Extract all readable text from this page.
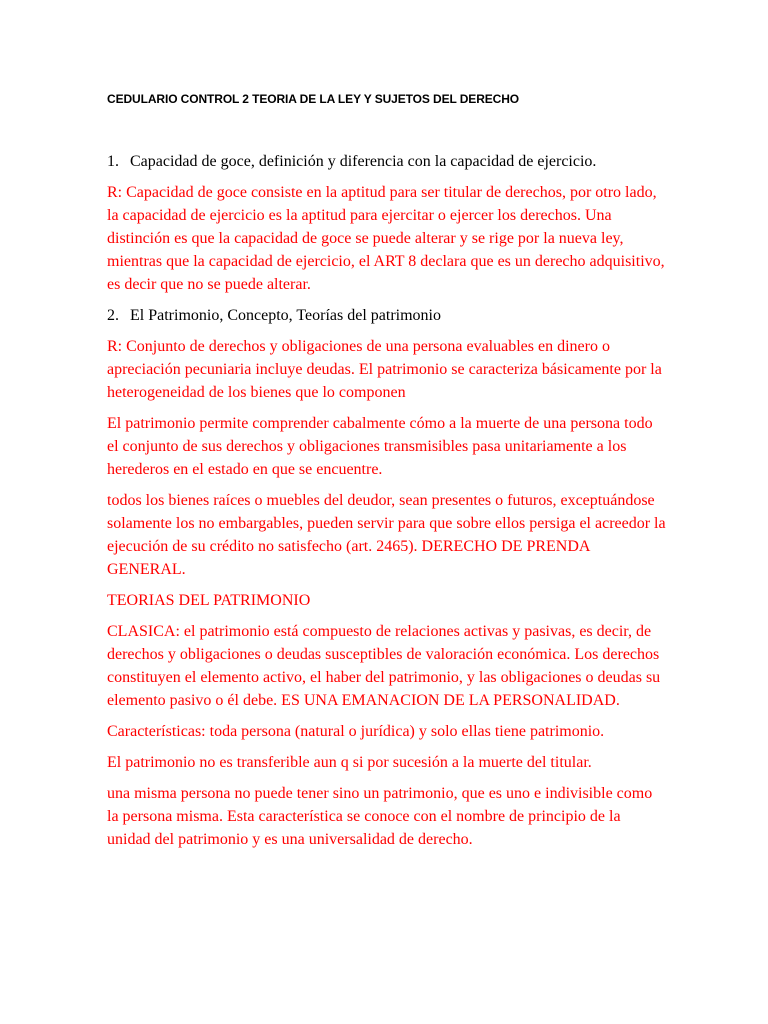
CEDULARIO CONTROL 2 TEORIA DE LA LEY Y SUJETOS DEL DERECHO

1. Capacidad de goce, definición y diferencia con la capacidad de ejercicio.

R: Capacidad de goce consiste en la aptitud para ser titular de derechos, por otro lado, la capacidad de ejercicio es la aptitud para ejercitar o ejercer los derechos. Una distinción es que la capacidad de goce se puede alterar y se rige por la nueva ley, mientras que la capacidad de ejercicio, el ART 8 declara que es un derecho adquisitivo, es decir que no se puede alterar.

2. El Patrimonio, Concepto, Teorías del patrimonio

R: Conjunto de derechos y obligaciones de una persona evaluables en dinero o apreciación pecuniaria incluye deudas. El patrimonio se caracteriza básicamente por la heterogeneidad de los bienes que lo componen

El patrimonio permite comprender cabalmente cómo a la muerte de una persona todo el conjunto de sus derechos y obligaciones transmisibles pasa unitariamente a los herederos en el estado en que se encuentre.

todos los bienes raíces o muebles del deudor, sean presentes o futuros, exceptuándose solamente los no embargables, pueden servir para que sobre ellos persiga el acreedor la ejecución de su crédito no satisfecho (art. 2465). DERECHO DE PRENDA GENERAL.

TEORIAS DEL PATRIMONIO

CLASICA: el patrimonio está compuesto de relaciones activas y pasivas, es decir, de derechos y obligaciones o deudas susceptibles de valoración económica. Los derechos constituyen el elemento activo, el haber del patrimonio, y las obligaciones o deudas su elemento pasivo o él debe. ES UNA EMANACION DE LA PERSONALIDAD.

Características: toda persona (natural o jurídica) y solo ellas tiene patrimonio.

El patrimonio no es transferible aun q si por sucesión a la muerte del titular.

una misma persona no puede tener sino un patrimonio, que es uno e indivisible como la persona misma. Esta característica se conoce con el nombre de principio de la unidad del patrimonio y es una universalidad de derecho.
